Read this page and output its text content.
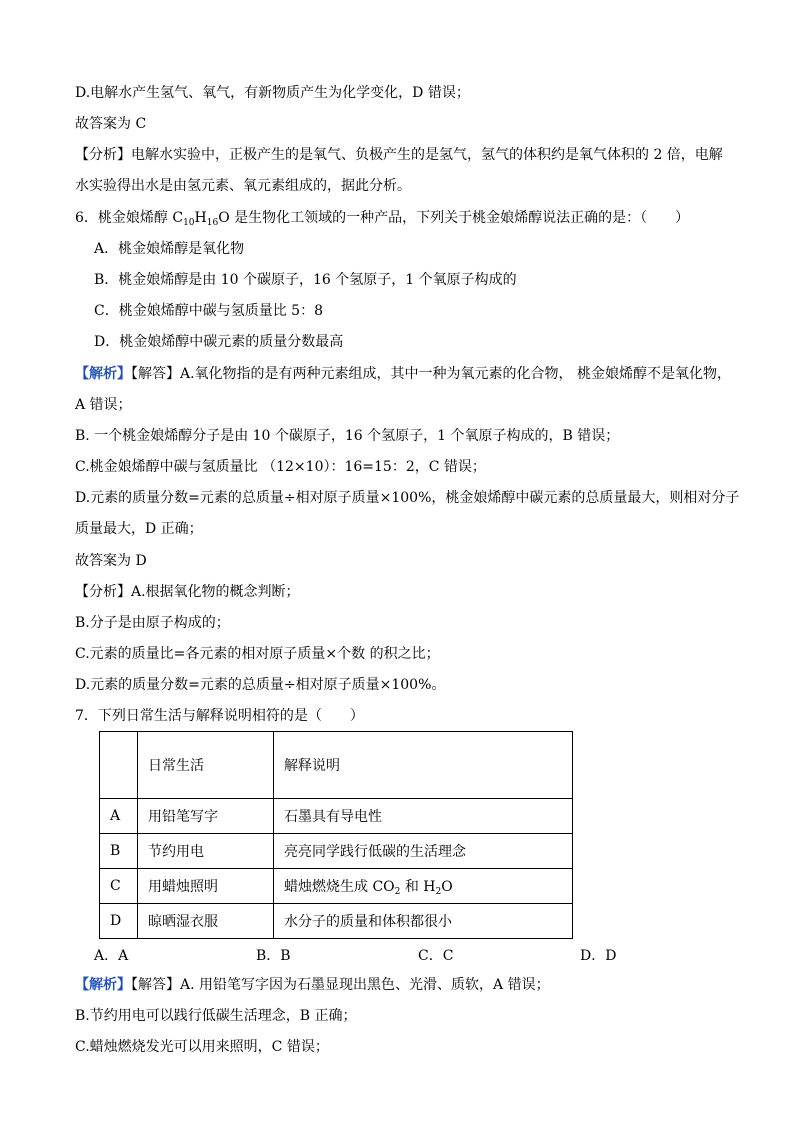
D.电解水产生氢气、氧气，有新物质产生为化学变化，D 错误；
故答案为 C
【分析】电解水实验中，正极产生的是氧气、负极产生的是氢气，氢气的体积约是氧气体积的 2 倍，电解
水实验得出水是由氢元素、氧元素组成的，据此分析。
6．桃金娘烯醇 $C_{10}H_{16}O$ 是生物化工领域的一种产品，下列关于桃金娘烯醇说法正确的是：（　　）
A．桃金娘烯醇是氧化物
B．桃金娘烯醇是由 10 个碳原子，16 个氢原子，1 个氧原子构成的
C．桃金娘烯醇中碳与氢质量比 5：8
D．桃金娘烯醇中碳元素的质量分数最高
【解析】【解答】A.氧化物指的是有两种元素组成，其中一种为氧元素的化合物， 桃金娘烯醇不是氧化物，
A 错误；
B. 一个桃金娘烯醇分子是由 10 个碳原子，16 个氢原子，1 个氧原子构成的，B 错误；
C.桃金娘烯醇中碳与氢质量比 （12×10）：16=15：2，C 错误；
D.元素的质量分数=元素的总质量÷相对原子质量×100%，桃金娘烯醇中碳元素的总质量最大，则相对分子
质量最大，D 正确；
故答案为 D
【分析】A.根据氧化物的概念判断；
B.分子是由原子构成的；
C.元素的质量比=各元素的相对原子质量×个数 的积之比；
D.元素的质量分数=元素的总质量÷相对原子质量×100%。
7．下列日常生活与解释说明相符的是（　　）
	日常生活	解释说明
A	用铅笔写字	石墨具有导电性
B	节约用电	亮亮同学践行低碳的生活理念
C	用蜡烛照明	蜡烛燃烧生成 $CO_2$ 和 $H_2O$
D	晾晒湿衣服	水分子的质量和体积都很小
A．A	B．B	C．C	D．D
【解析】【解答】A. 用铅笔写字因为石墨显现出黑色、光滑、质软，A 错误；
B.节约用电可以践行低碳生活理念，B 正确；
C.蜡烛燃烧发光可以用来照明，C 错误；
